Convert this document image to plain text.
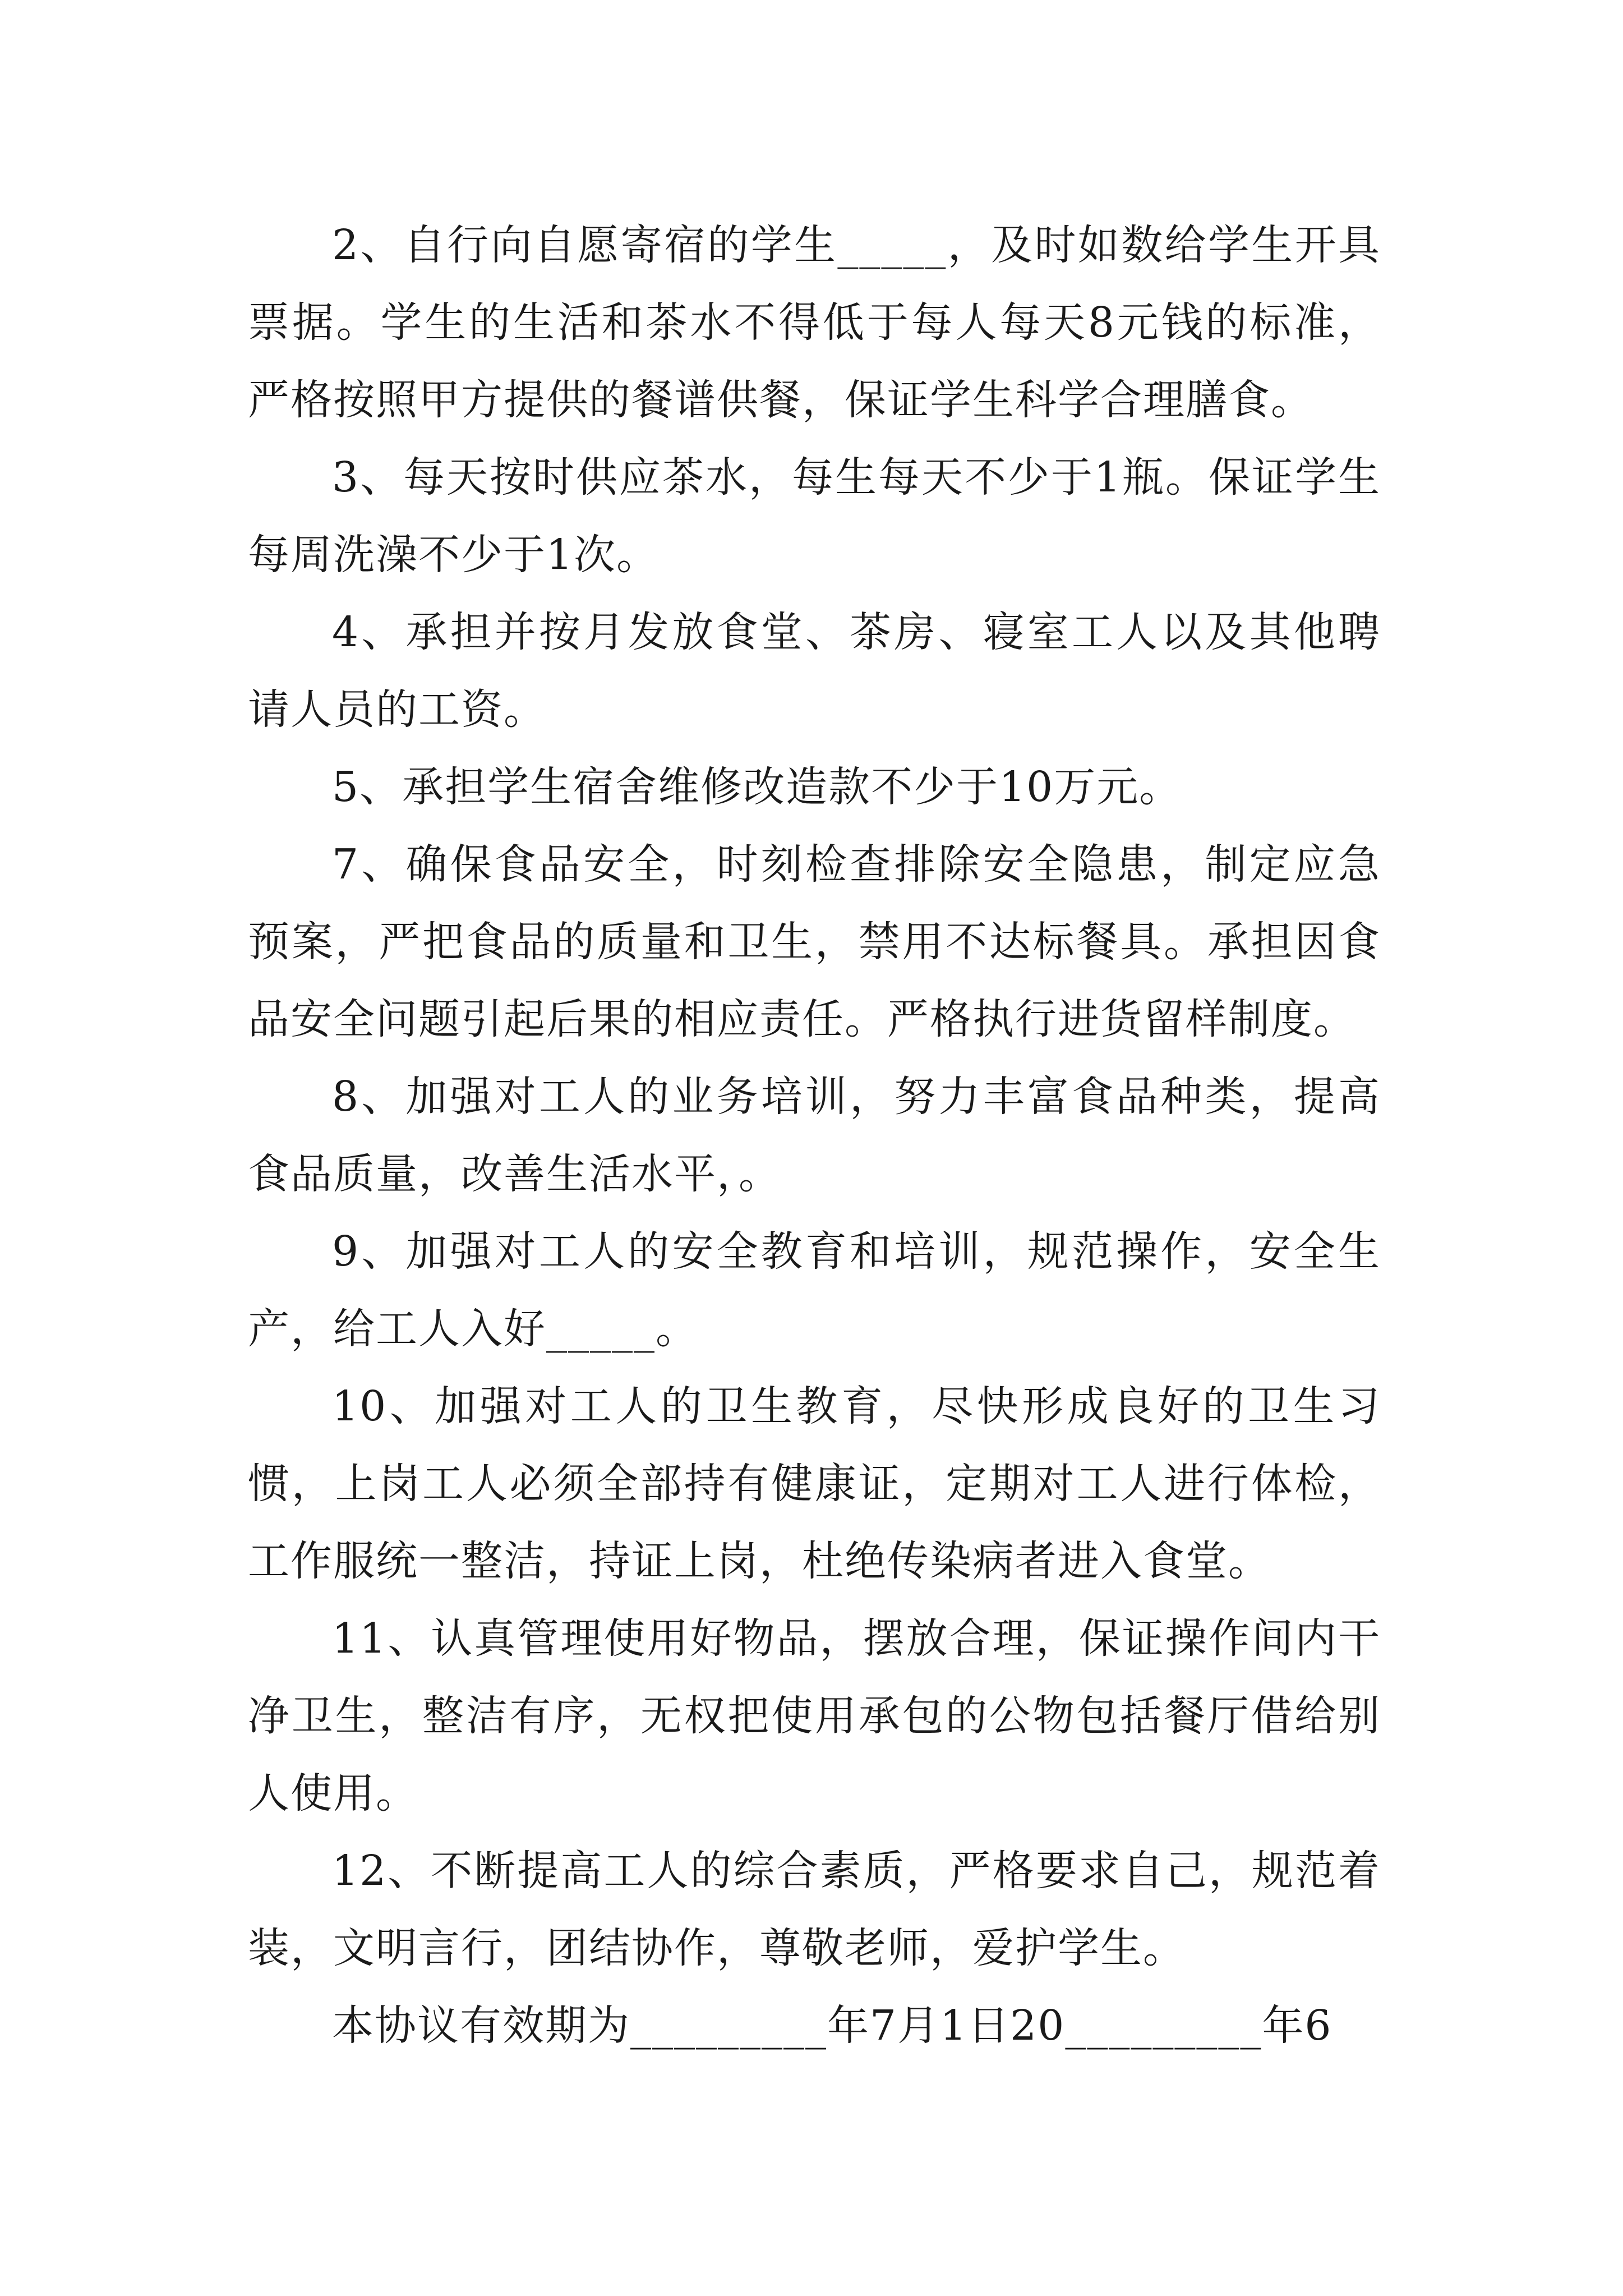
2、自行向自愿寄宿的学生_____，及时如数给学生开具票据。学生的生活和茶水不得低于每人每天8元钱的标准，严格按照甲方提供的餐谱供餐，保证学生科学合理膳食。

3、每天按时供应茶水，每生每天不少于1瓶。保证学生每周洗澡不少于1次。

4、承担并按月发放食堂、茶房、寝室工人以及其他聘请人员的工资。

5、承担学生宿舍维修改造款不少于10万元。

7、确保食品安全，时刻检查排除安全隐患，制定应急预案，严把食品的质量和卫生，禁用不达标餐具。承担因食品安全问题引起后果的相应责任。严格执行进货留样制度。

8、加强对工人的业务培训，努力丰富食品种类，提高食品质量，改善生活水平，。

9、加强对工人的安全教育和培训，规范操作，安全生产，给工人入好_____。

10、加强对工人的卫生教育，尽快形成良好的卫生习惯，上岗工人必须全部持有健康证，定期对工人进行体检，工作服统一整洁，持证上岗，杜绝传染病者进入食堂。

11、认真管理使用好物品，摆放合理，保证操作间内干净卫生，整洁有序，无权把使用承包的公物包括餐厅借给别人使用。

12、不断提高工人的综合素质，严格要求自己，规范着装，文明言行，团结协作，尊敬老师，爱护学生。

本协议有效期为_________年7月1日20_________年6
